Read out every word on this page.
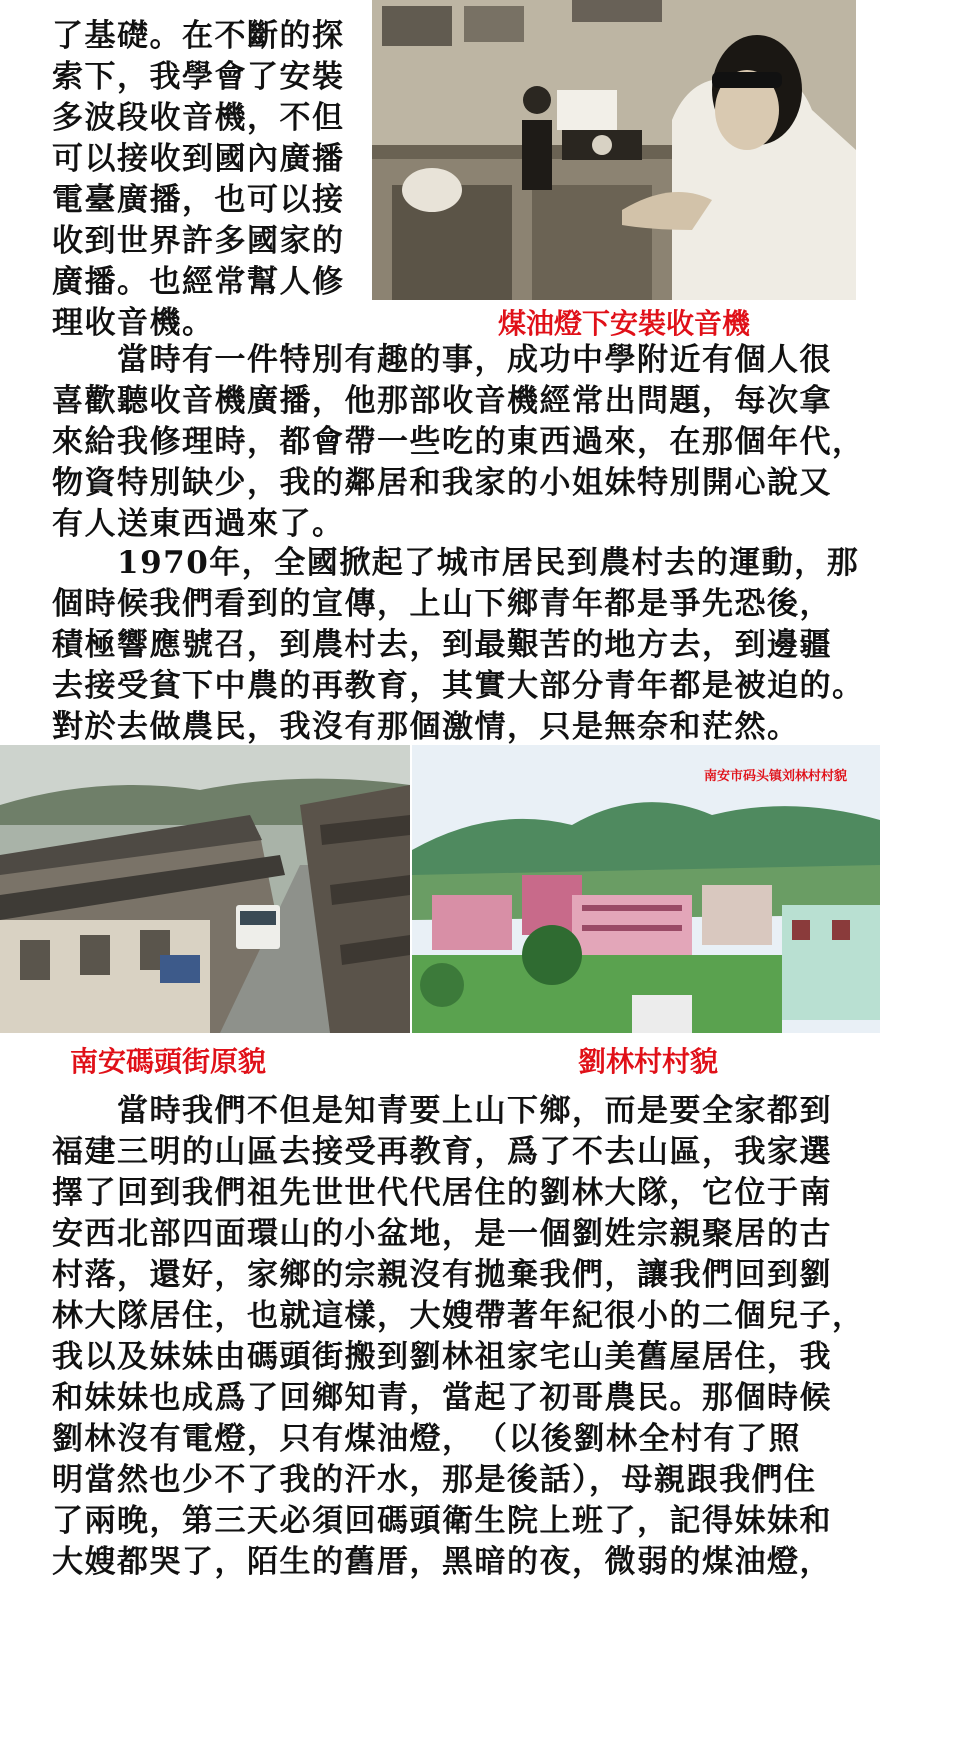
了基礎。在不斷的探
索下，我學會了安裝
多波段收音機，不但
可以接收到國內廣播
電臺廣播，也可以接
收到世界許多國家的
廣播。也經常幫人修
理收音機。	煤油燈下安裝收音機
　　當時有一件特別有趣的事，成功中學附近有個人很
喜歡聽收音機廣播，他那部收音機經常出問題，每次拿
來給我修理時，都會帶一些吃的東西過來，在那個年代，
物資特別缺少，我的鄰居和我家的小姐妹特別開心說又
有人送東西過來了。
　　1970年，全國掀起了城市居民到農村去的運動，那
個時候我們看到的宣傳，上山下鄉青年都是爭先恐後，
積極響應號召，到農村去，到最艱苦的地方去，到邊疆
去接受貧下中農的再教育，其實大部分青年都是被迫的。
對於去做農民，我沒有那個激情，只是無奈和茫然。
南安市码头镇刘林村村貌
南安碼頭街原貌	劉林村村貌
　　當時我們不但是知青要上山下鄉，而是要全家都到
福建三明的山區去接受再教育，爲了不去山區，我家選
擇了回到我們祖先世世代代居住的劉林大隊，它位于南
安西北部四面環山的小盆地，是一個劉姓宗親聚居的古
村落，還好，家鄉的宗親沒有拋棄我們，讓我們回到劉
林大隊居住，也就這樣，大嫂帶著年紀很小的二個兒子，
我以及妹妹由碼頭街搬到劉林祖家宅山美舊屋居住，我
和妹妹也成爲了回鄉知青，當起了初哥農民。那個時候
劉林沒有電燈，只有煤油燈，　（以後劉林全村有了照
明當然也少不了我的汗水，那是後話），母親跟我們住
了兩晚，第三天必須回碼頭衛生院上班了，記得妹妹和
大嫂都哭了，陌生的舊厝，黑暗的夜，微弱的煤油燈，
